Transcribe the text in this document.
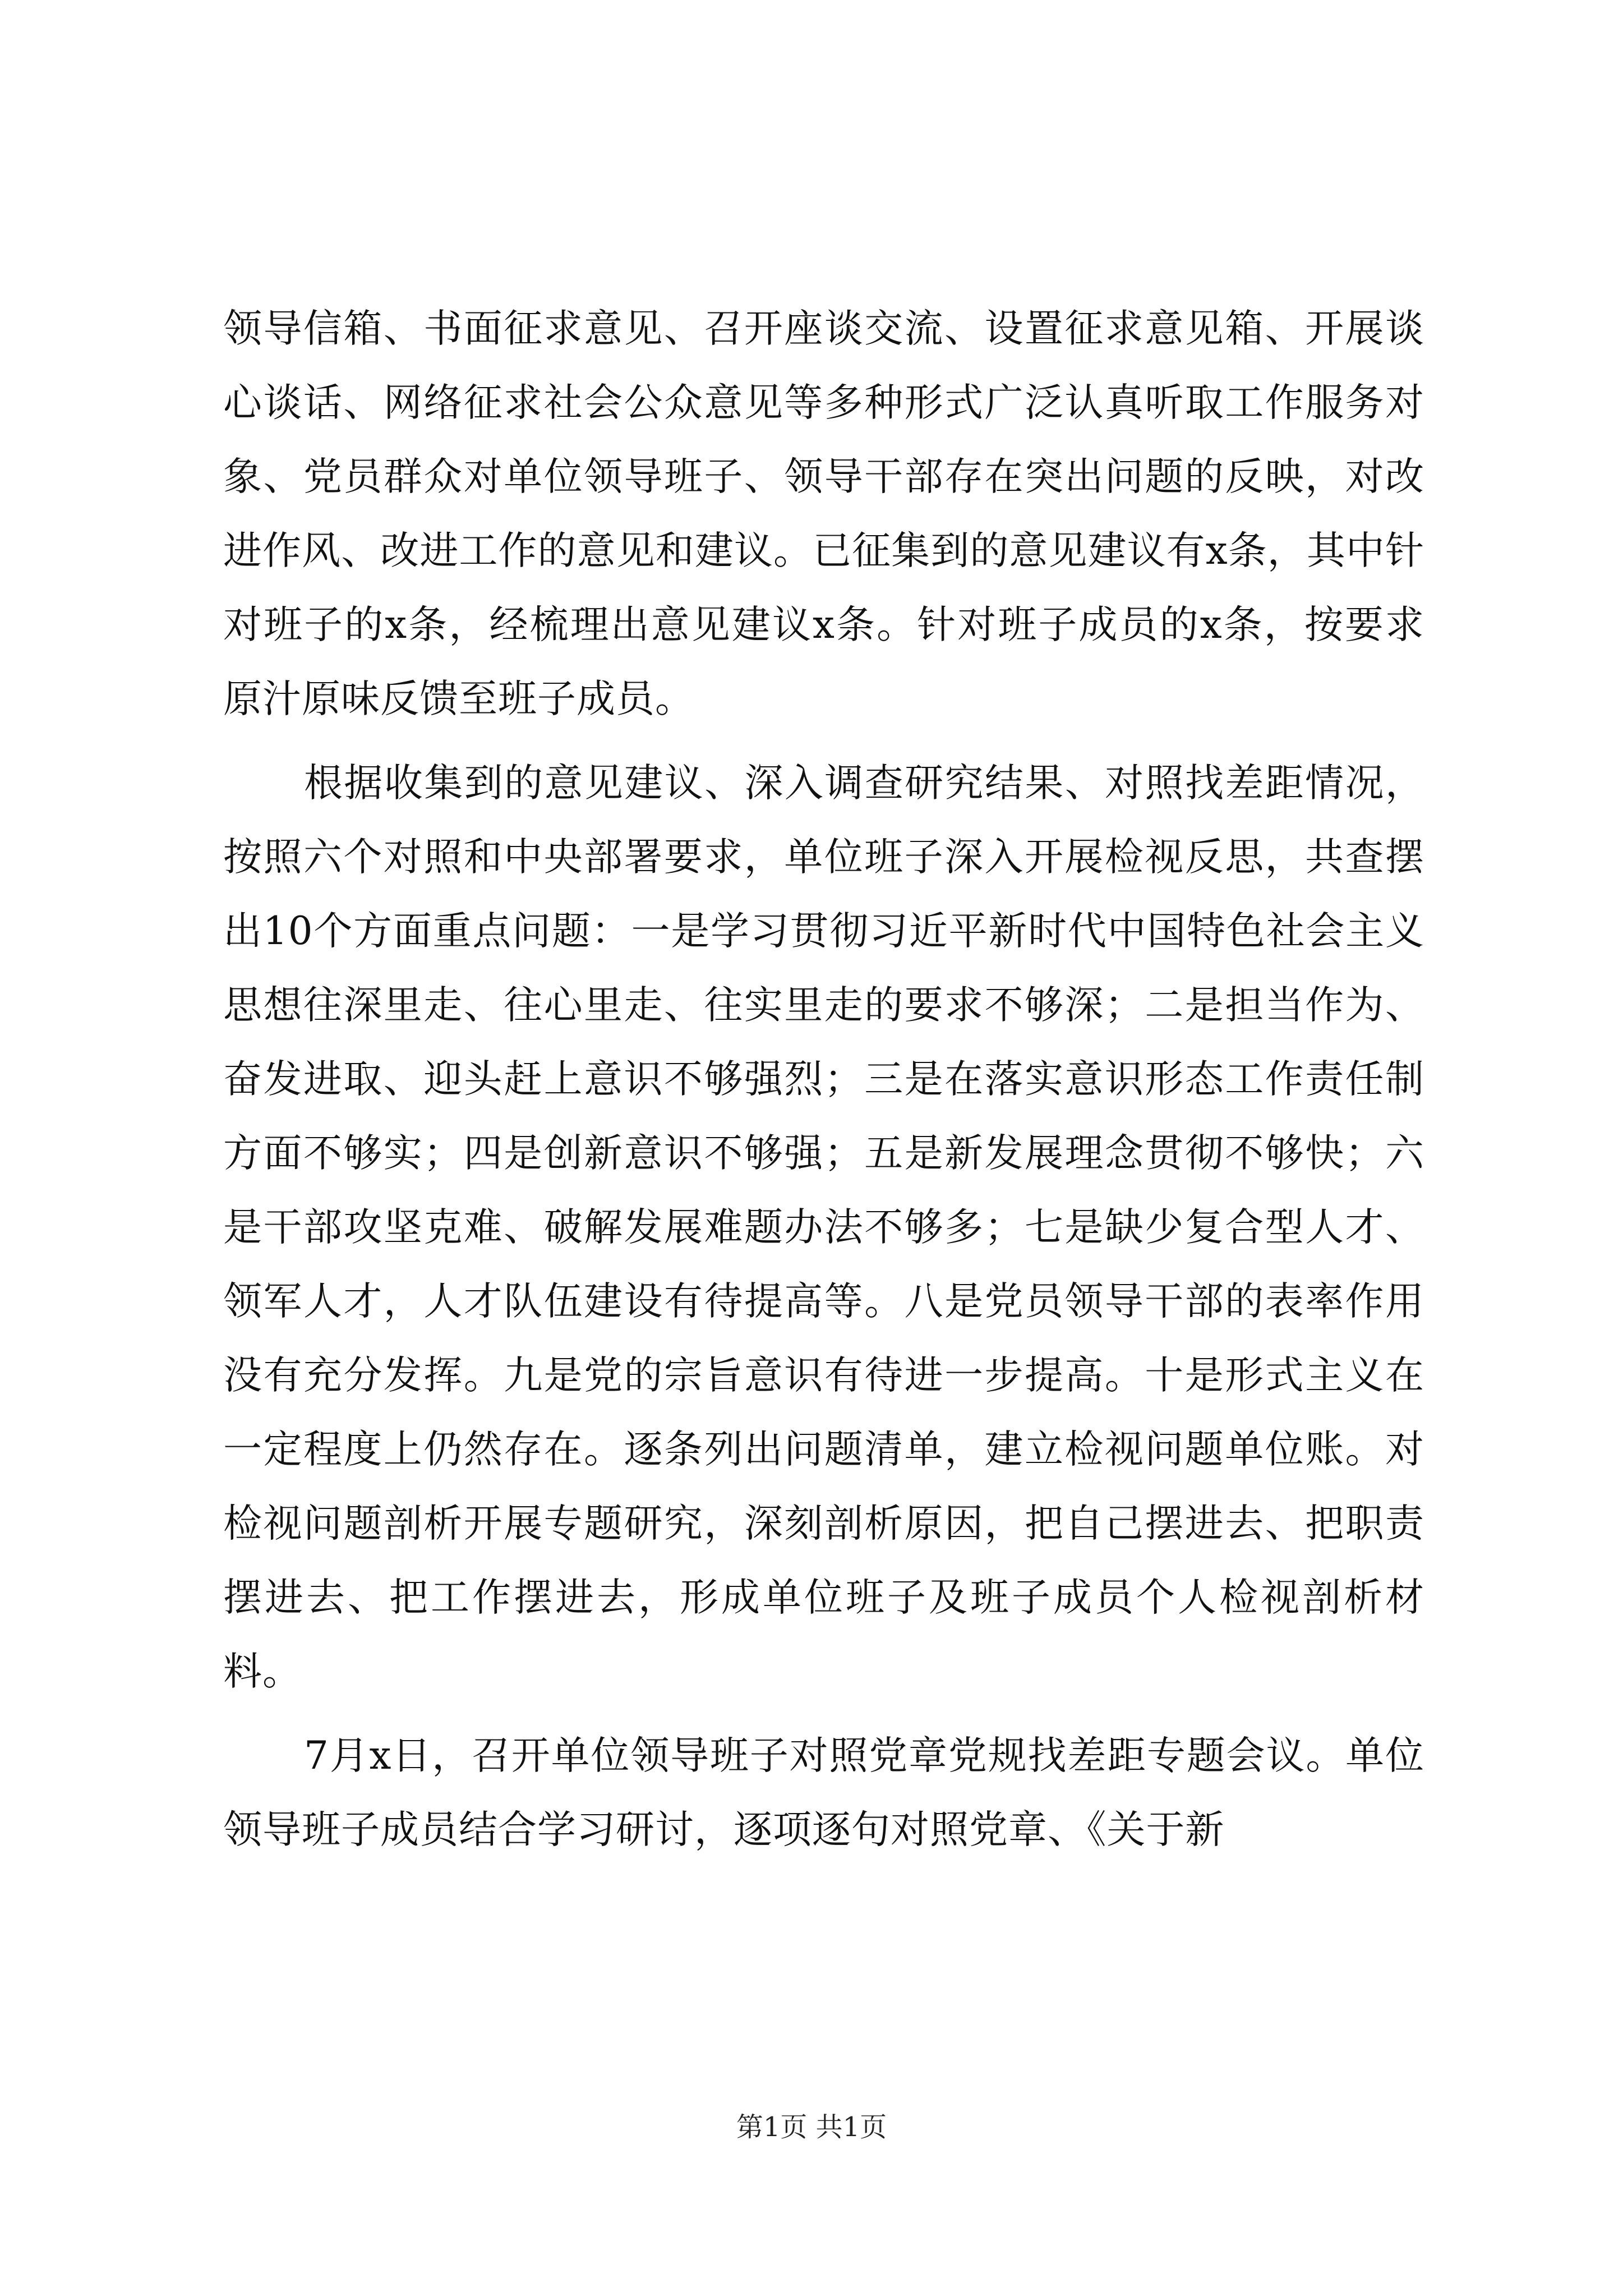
领导信箱、书面征求意见、召开座谈交流、设置征求意见箱、开展谈心谈话、网络征求社会公众意见等多种形式广泛认真听取工作服务对象、党员群众对单位领导班子、领导干部存在突出问题的反映，对改进作风、改进工作的意见和建议。已征集到的意见建议有x条，其中针对班子的x条，经梳理出意见建议x条。针对班子成员的x条，按要求原汁原味反馈至班子成员。

根据收集到的意见建议、深入调查研究结果、对照找差距情况，按照六个对照和中央部署要求，单位班子深入开展检视反思，共查摆出10个方面重点问题：一是学习贯彻习近平新时代中国特色社会主义思想往深里走、往心里走、往实里走的要求不够深；二是担当作为、奋发进取、迎头赶上意识不够强烈；三是在落实意识形态工作责任制方面不够实；四是创新意识不够强；五是新发展理念贯彻不够快；六是干部攻坚克难、破解发展难题办法不够多；七是缺少复合型人才、领军人才，人才队伍建设有待提高等。八是党员领导干部的表率作用没有充分发挥。九是党的宗旨意识有待进一步提高。十是形式主义在一定程度上仍然存在。逐条列出问题清单，建立检视问题单位账。对检视问题剖析开展专题研究，深刻剖析原因，把自己摆进去、把职责摆进去、把工作摆进去，形成单位班子及班子成员个人检视剖析材料。

7月x日，召开单位领导班子对照党章党规找差距专题会议。单位领导班子成员结合学习研讨，逐项逐句对照党章、《关于新

第1页 共1页
